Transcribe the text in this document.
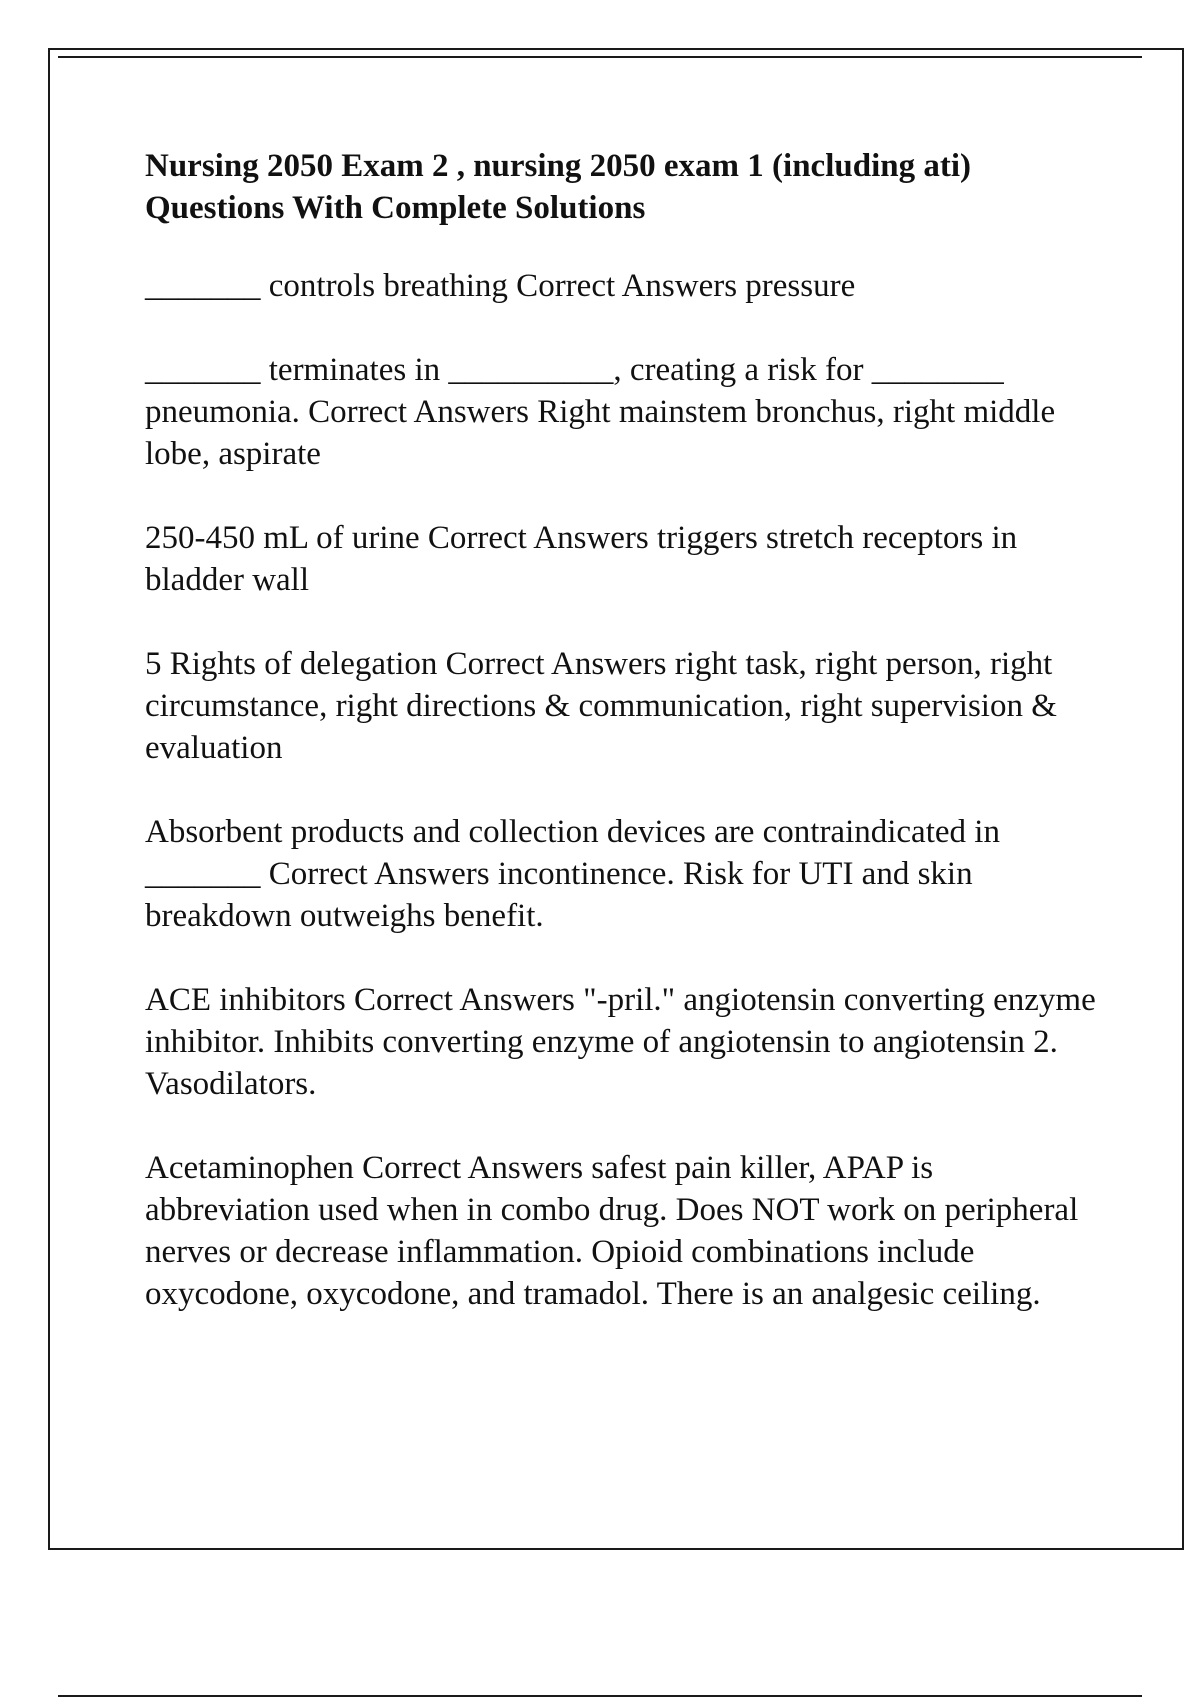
Nursing 2050 Exam 2 , nursing 2050 exam 1 (including ati) Questions With Complete Solutions
_______ controls breathing Correct Answers pressure
_______ terminates in __________, creating a risk for ________ pneumonia. Correct Answers Right mainstem bronchus, right middle lobe, aspirate
250-450 mL of urine Correct Answers triggers stretch receptors in bladder wall
5 Rights of delegation Correct Answers right task, right person, right circumstance, right directions & communication, right supervision & evaluation
Absorbent products and collection devices are contraindicated in _______ Correct Answers incontinence. Risk for UTI and skin breakdown outweighs benefit.
ACE inhibitors Correct Answers "-pril." angiotensin converting enzyme inhibitor. Inhibits converting enzyme of angiotensin to angiotensin 2. Vasodilators.
Acetaminophen Correct Answers safest pain killer, APAP is abbreviation used when in combo drug. Does NOT work on peripheral nerves or decrease inflammation. Opioid combinations include oxycodone, oxycodone, and tramadol. There is an analgesic ceiling.
